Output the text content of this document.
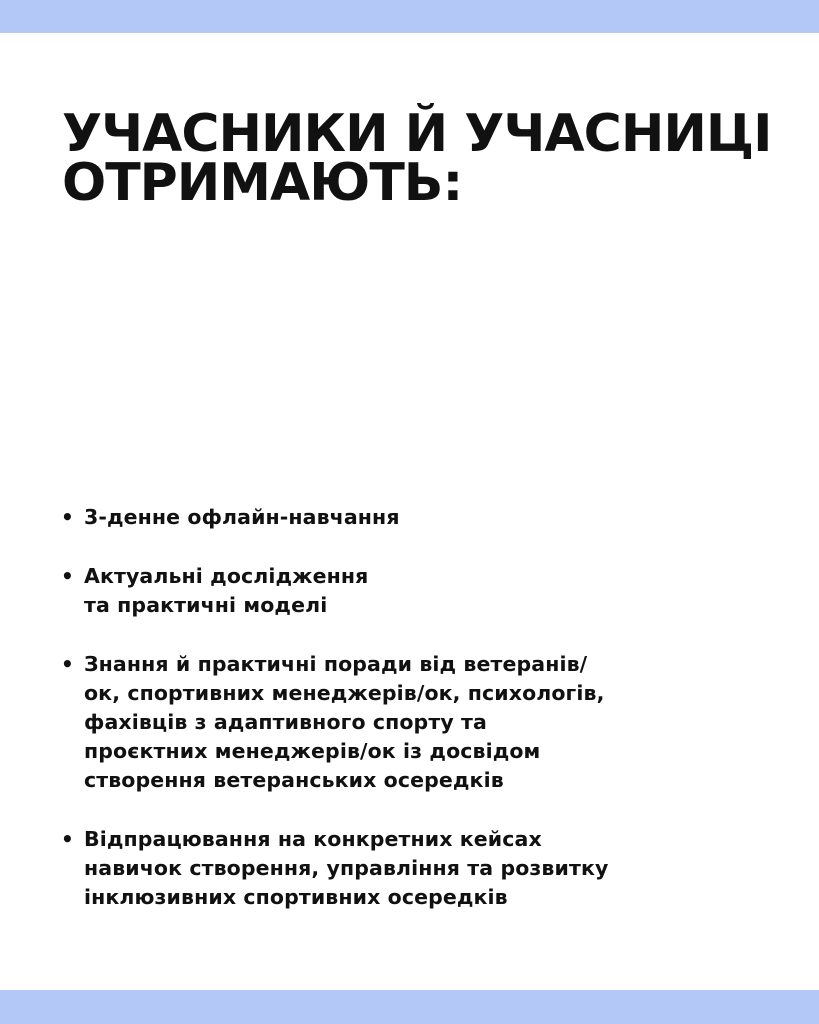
УЧАСНИКИ Й УЧАСНИЦІ
ОТРИМАЮТЬ:
• 3-денне офлайн-навчання
• Актуальні дослідження
та практичні моделі
• Знання й практичні поради від ветеранів/
ок, спортивних менеджерів/ок, психологів,
фахівців з адаптивного спорту та
проєктних менеджерів/ок із досвідом
створення ветеранських осередків
• Відпрацювання на конкретних кейсах
навичок створення, управління та розвитку
інклюзивних спортивних осередків
